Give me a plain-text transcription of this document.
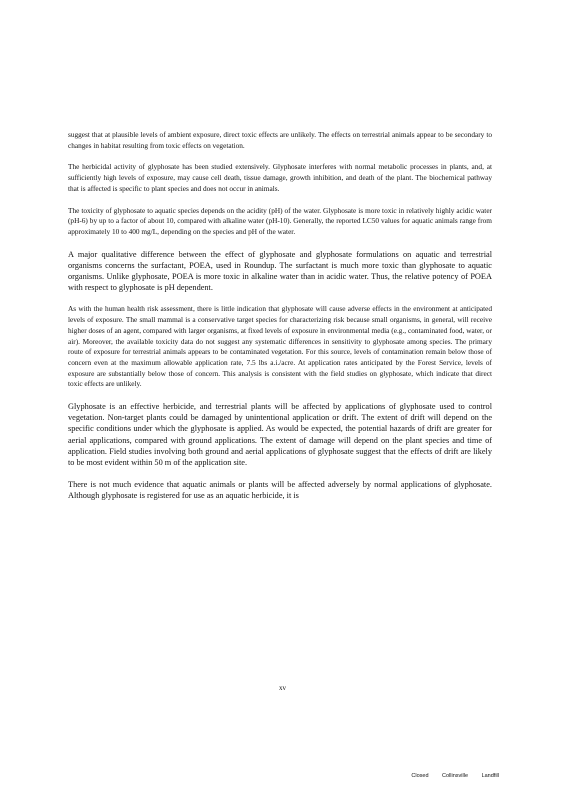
suggest that at plausible levels of ambient exposure, direct toxic effects are unlikely. The effects on terrestrial animals appear to be secondary to changes in habitat resulting from toxic effects on vegetation.

The herbicidal activity of glyphosate has been studied extensively. Glyphosate interferes with normal metabolic processes in plants, and, at sufficiently high levels of exposure, may cause cell death, tissue damage, growth inhibition, and death of the plant. The biochemical pathway that is affected is specific to plant species and does not occur in animals.

The toxicity of glyphosate to aquatic species depends on the acidity (pH) of the water. Glyphosate is more toxic in relatively highly acidic water (pH-6) by up to a factor of about 10, compared with alkaline water (pH-10). Generally, the reported LC50 values for aquatic animals range from approximately 10 to 400 mg/L, depending on the species and pH of the water.

A major qualitative difference between the effect of glyphosate and glyphosate formulations on aquatic and terrestrial organisms concerns the surfactant, POEA, used in Roundup. The surfactant is much more toxic than glyphosate to aquatic organisms. Unlike glyphosate, POEA is more toxic in alkaline water than in acidic water. Thus, the relative potency of POEA with respect to glyphosate is pH dependent.

As with the human health risk assessment, there is little indication that glyphosate will cause adverse effects in the environment at anticipated levels of exposure. The small mammal is a conservative target species for characterizing risk because small organisms, in general, will receive higher doses of an agent, compared with larger organisms, at fixed levels of exposure in environmental media (e.g., contaminated food, water, or air). Moreover, the available toxicity data do not suggest any systematic differences in sensitivity to glyphosate among species. The primary route of exposure for terrestrial animals appears to be contaminated vegetation. For this source, levels of contamination remain below those of concern even at the maximum allowable application rate, 7.5 lbs a.i./acre. At application rates anticipated by the Forest Service, levels of exposure are substantially below those of concern. This analysis is consistent with the field studies on glyphosate, which indicate that direct toxic effects are unlikely.

Glyphosate is an effective herbicide, and terrestrial plants will be affected by applications of glyphosate used to control vegetation. Non-target plants could be damaged by unintentional application or drift. The extent of drift will depend on the specific conditions under which the glyphosate is applied. As would be expected, the potential hazards of drift are greater for aerial applications, compared with ground applications. The extent of damage will depend on the plant species and time of application. Field studies involving both ground and aerial applications of glyphosate suggest that the effects of drift are likely to be most evident within 50 m of the application site.

There is not much evidence that aquatic animals or plants will be affected adversely by normal applications of glyphosate. Although glyphosate is registered for use as an aquatic herbicide, it is

xv
Closed Collinsville Landfill
